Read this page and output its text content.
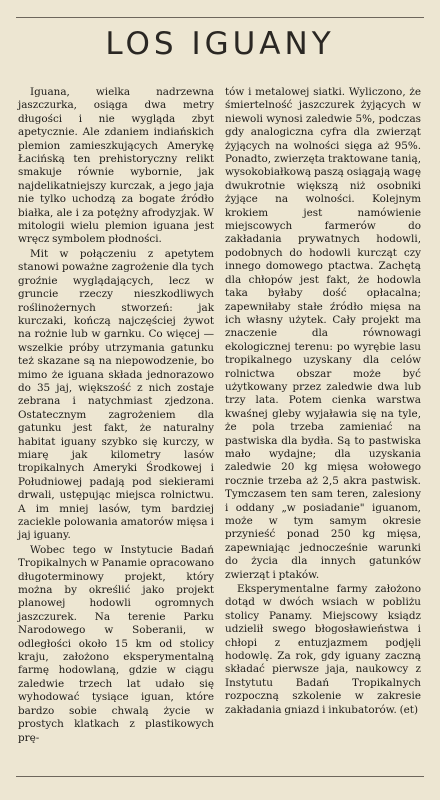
LOS IGUANY

Iguana, wielka nadrzewna jaszczurka, osiąga dwa metry długości i nie wygląda zbyt apetycznie. Ale zdaniem indiańskich plemion zamieszkujących Amerykę Łacińską ten prehistoryczny relikt smakuje równie wybornie, jak najdelikatniejszy kurczak, a jego jaja nie tylko uchodzą za bogate źródło białka, ale i za potężny afrodyzjak. W mitologii wielu plemion iguana jest wręcz symbolem płodności.

Mit w połączeniu z apetytem stanowi poważne zagrożenie dla tych groźnie wyglądających, lecz w gruncie rzeczy nieszkodliwych roślinożernych stworzeń: jak kurczaki, kończą najczęściej żywot na rożnie lub w garnku. Co więcej — wszelkie próby utrzymania gatunku też skazane są na niepowodzenie, bo mimo że iguana składa jednorazowo do 35 jaj, większość z nich zostaje zebrana i natychmiast zjedzona. Ostatecznym zagrożeniem dla gatunku jest fakt, że naturalny habitat iguany szybko się kurczy, w miarę jak kilometry lasów tropikalnych Ameryki Środkowej i Południowej padają pod siekierami drwali, ustępując miejsca rolnictwu. A im mniej lasów, tym bardziej zaciekle polowania amatorów mięsa i jaj iguany.

Wobec tego w Instytucie Badań Tropikalnych w Panamie opracowano długoterminowy projekt, który można by określić jako projekt planowej hodowli ogromnych jaszczurek. Na terenie Parku Narodowego w Soberanii, w odległości około 15 km od stolicy kraju, założono eksperymentalną farmę hodowlaną, gdzie w ciągu zaledwie trzech lat udało się wyhodować tysiące iguan, które bardzo sobie chwalą życie w prostych klatkach z plastikowych prę-

tów i metalowej siatki. Wyliczono, że śmiertelność jaszczurek żyjących w niewoli wynosi zaledwie 5%, podczas gdy analogiczna cyfra dla zwierząt żyjących na wolności sięga aż 95%. Ponadto, zwierzęta traktowane tanią, wysokobiałkową paszą osiągają wagę dwukrotnie większą niż osobniki żyjące na wolności. Kolejnym krokiem jest namówienie miejscowych farmerów do zakładania prywatnych hodowli, podobnych do hodowli kurcząt czy innego domowego ptactwa. Zachętą dla chłopów jest fakt, że hodowla taka byłaby dość opłacalna; zapewniłaby stałe źródło mięsa na ich własny użytek. Cały projekt ma znaczenie dla równowagi ekologicznej terenu: po wyrębie lasu tropikalnego uzyskany dla celów rolnictwa obszar może być użytkowany przez zaledwie dwa lub trzy lata. Potem cienka warstwa kwaśnej gleby wyjaławia się na tyle, że pola trzeba zamieniać na pastwiska dla bydła. Są to pastwiska mało wydajne; dla uzyskania zaledwie 20 kg mięsa wołowego rocznie trzeba aż 2,5 akra pastwisk. Tymczasem ten sam teren, zalesiony i oddany „w posiadanie" iguanom, może w tym samym okresie przynieść ponad 250 kg mięsa, zapewniając jednocześnie warunki do życia dla innych gatunków zwierząt i ptaków.

Eksperymentalne farmy założono dotąd w dwóch wsiach w pobliżu stolicy Panamy. Miejscowy ksiądz udzielił swego błogosławieństwa i chłopi z entuzjazmem podjęli hodowlę. Za rok, gdy iguany zaczną składać pierwsze jaja, naukowcy z Instytutu Badań Tropikalnych rozpoczną szkolenie w zakresie zakładania gniazd i inkubatorów. (et)
